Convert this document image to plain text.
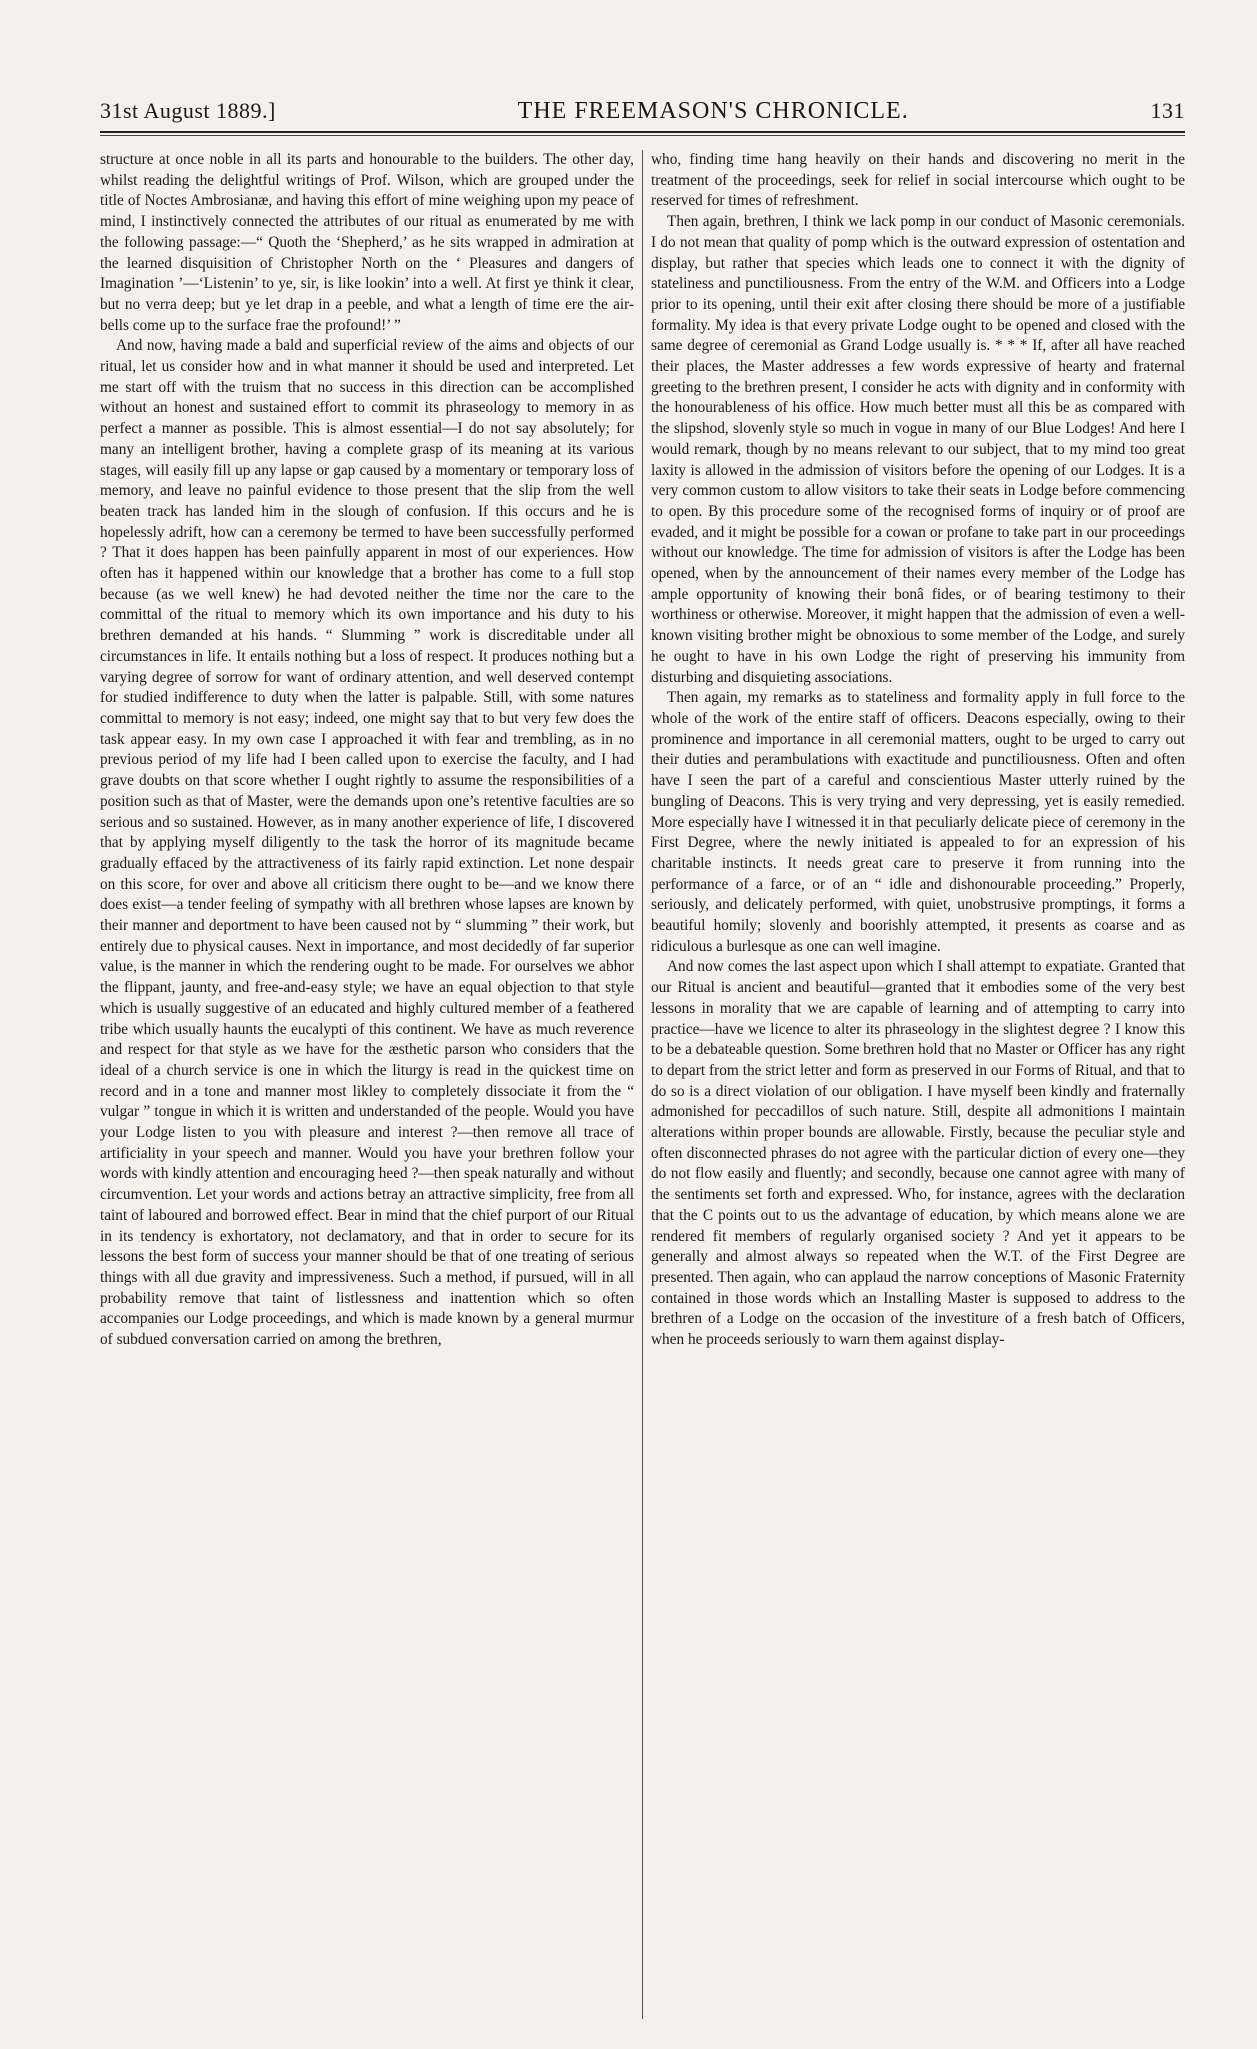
31st August 1889.]	THE FREEMASON'S CHRONICLE.	131

structure at once noble in all its parts and honourable to the builders. The other day, whilst reading the delightful writings of Prof. Wilson, which are grouped under the title of Noctes Ambrosianæ, and having this effort of mine weighing upon my peace of mind, I instinctively connected the attributes of our ritual as enumerated by me with the following passage:—“ Quoth the ‘Shepherd,’ as he sits wrapped in admiration at the learned disquisition of Christopher North on the ‘ Pleasures and dangers of Imagination ’—‘Listenin’ to ye, sir, is like lookin’ into a well. At first ye think it clear, but no verra deep; but ye let drap in a peeble, and what a length of time ere the air-bells come up to the surface frae the profound!’ ”

And now, having made a bald and superficial review of the aims and objects of our ritual, let us consider how and in what manner it should be used and interpreted. Let me start off with the truism that no success in this direction can be accomplished without an honest and sustained effort to commit its phraseology to memory in as perfect a manner as possible. This is almost essential—I do not say absolutely; for many an intelligent brother, having a complete grasp of its meaning at its various stages, will easily fill up any lapse or gap caused by a momentary or temporary loss of memory, and leave no painful evidence to those present that the slip from the well beaten track has landed him in the slough of confusion. If this occurs and he is hopelessly adrift, how can a ceremony be termed to have been successfully performed ? That it does happen has been painfully apparent in most of our experiences. How often has it happened within our knowledge that a brother has come to a full stop because (as we well knew) he had devoted neither the time nor the care to the committal of the ritual to memory which its own importance and his duty to his brethren demanded at his hands. “ Slumming ” work is discreditable under all circumstances in life. It entails nothing but a loss of respect. It produces nothing but a varying degree of sorrow for want of ordinary attention, and well deserved contempt for studied indifference to duty when the latter is palpable. Still, with some natures committal to memory is not easy; indeed, one might say that to but very few does the task appear easy. In my own case I approached it with fear and trembling, as in no previous period of my life had I been called upon to exercise the faculty, and I had grave doubts on that score whether I ought rightly to assume the responsibilities of a position such as that of Master, were the demands upon one’s retentive faculties are so serious and so sustained. However, as in many another experience of life, I discovered that by applying myself diligently to the task the horror of its magnitude became gradually effaced by the attractiveness of its fairly rapid extinction. Let none despair on this score, for over and above all criticism there ought to be—and we know there does exist—a tender feeling of sympathy with all brethren whose lapses are known by their manner and deportment to have been caused not by “ slumming ” their work, but entirely due to physical causes. Next in importance, and most decidedly of far superior value, is the manner in which the rendering ought to be made. For ourselves we abhor the flippant, jaunty, and free-and-easy style; we have an equal objection to that style which is usually suggestive of an educated and highly cultured member of a feathered tribe which usually haunts the eucalypti of this continent. We have as much reverence and respect for that style as we have for the æsthetic parson who considers that the ideal of a church service is one in which the liturgy is read in the quickest time on record and in a tone and manner most likley to completely dissociate it from the “ vulgar ” tongue in which it is written and understanded of the people. Would you have your Lodge listen to you with pleasure and interest ?—then remove all trace of artificiality in your speech and manner. Would you have your brethren follow your words with kindly attention and encouraging heed ?—then speak naturally and without circumvention. Let your words and actions betray an attractive simplicity, free from all taint of laboured and borrowed effect. Bear in mind that the chief purport of our Ritual in its tendency is exhortatory, not declamatory, and that in order to secure for its lessons the best form of success your manner should be that of one treating of serious things with all due gravity and impressiveness. Such a method, if pursued, will in all probability remove that taint of listlessness and inattention which so often accompanies our Lodge proceedings, and which is made known by a general murmur of subdued conversation carried on among the brethren,

who, finding time hang heavily on their hands and discovering no merit in the treatment of the proceedings, seek for relief in social intercourse which ought to be reserved for times of refreshment.

Then again, brethren, I think we lack pomp in our conduct of Masonic ceremonials. I do not mean that quality of pomp which is the outward expression of ostentation and display, but rather that species which leads one to connect it with the dignity of stateliness and punctiliousness. From the entry of the W.M. and Officers into a Lodge prior to its opening, until their exit after closing there should be more of a justifiable formality. My idea is that every private Lodge ought to be opened and closed with the same degree of ceremonial as Grand Lodge usually is. * * * If, after all have reached their places, the Master addresses a few words expressive of hearty and fraternal greeting to the brethren present, I consider he acts with dignity and in conformity with the honourableness of his office. How much better must all this be as compared with the slipshod, slovenly style so much in vogue in many of our Blue Lodges! And here I would remark, though by no means relevant to our subject, that to my mind too great laxity is allowed in the admission of visitors before the opening of our Lodges. It is a very common custom to allow visitors to take their seats in Lodge before commencing to open. By this procedure some of the recognised forms of inquiry or of proof are evaded, and it might be possible for a cowan or profane to take part in our proceedings without our knowledge. The time for admission of visitors is after the Lodge has been opened, when by the announcement of their names every member of the Lodge has ample opportunity of knowing their bonâ fides, or of bearing testimony to their worthiness or otherwise. Moreover, it might happen that the admission of even a well-known visiting brother might be obnoxious to some member of the Lodge, and surely he ought to have in his own Lodge the right of preserving his immunity from disturbing and disquieting associations.

Then again, my remarks as to stateliness and formality apply in full force to the whole of the work of the entire staff of officers. Deacons especially, owing to their prominence and importance in all ceremonial matters, ought to be urged to carry out their duties and perambulations with exactitude and punctiliousness. Often and often have I seen the part of a careful and conscientious Master utterly ruined by the bungling of Deacons. This is very trying and very depressing, yet is easily remedied. More especially have I witnessed it in that peculiarly delicate piece of ceremony in the First Degree, where the newly initiated is appealed to for an expression of his charitable instincts. It needs great care to preserve it from running into the performance of a farce, or of an “ idle and dishonourable proceeding.” Properly, seriously, and delicately performed, with quiet, unobstrusive promptings, it forms a beautiful homily; slovenly and boorishly attempted, it presents as coarse and as ridiculous a burlesque as one can well imagine.

And now comes the last aspect upon which I shall attempt to expatiate. Granted that our Ritual is ancient and beautiful—granted that it embodies some of the very best lessons in morality that we are capable of learning and of attempting to carry into practice—have we licence to alter its phraseology in the slightest degree ? I know this to be a debateable question. Some brethren hold that no Master or Officer has any right to depart from the strict letter and form as preserved in our Forms of Ritual, and that to do so is a direct violation of our obligation. I have myself been kindly and fraternally admonished for peccadillos of such nature. Still, despite all admonitions I maintain alterations within proper bounds are allowable. Firstly, because the peculiar style and often disconnected phrases do not agree with the particular diction of every one—they do not flow easily and fluently; and secondly, because one cannot agree with many of the sentiments set forth and expressed. Who, for instance, agrees with the declaration that the C points out to us the advantage of education, by which means alone we are rendered fit members of regularly organised society ? And yet it appears to be generally and almost always so repeated when the W.T. of the First Degree are presented. Then again, who can applaud the narrow conceptions of Masonic Fraternity contained in those words which an Installing Master is supposed to address to the brethren of a Lodge on the occasion of the investiture of a fresh batch of Officers, when he proceeds seriously to warn them against display-
